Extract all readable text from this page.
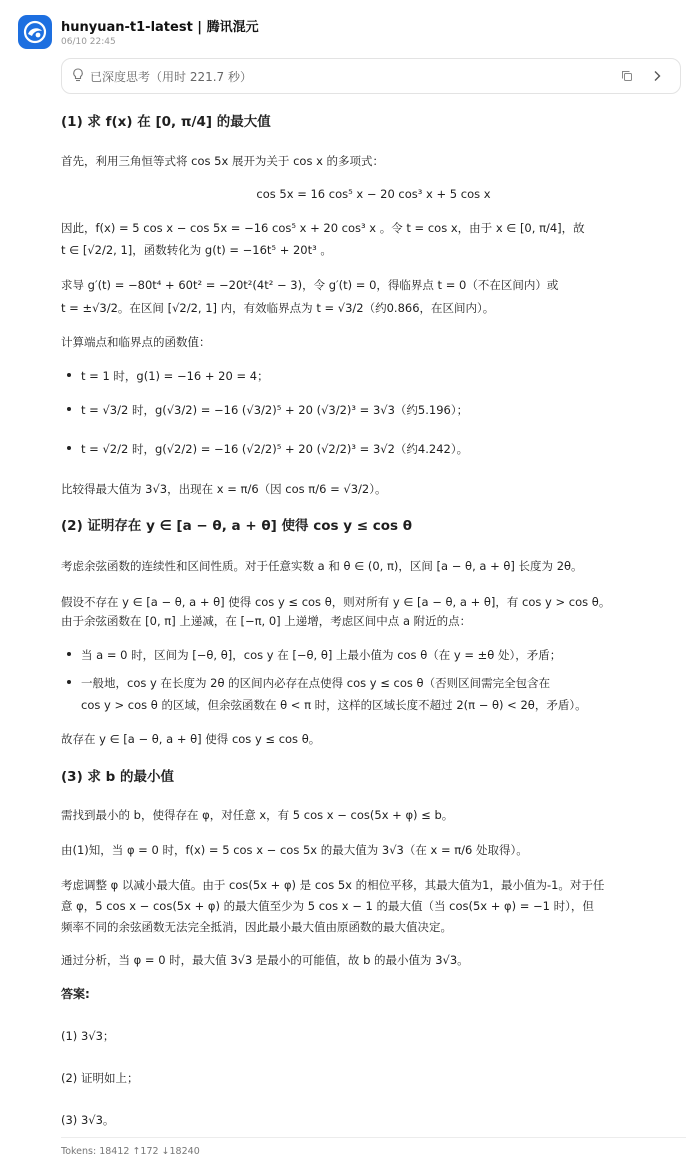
hunyuan-t1-latest | 腾讯混元
06/10 22:45
已深度思考（用时 221.7 秒）
(1) 求 f(x) 在 [0, π/4] 的最大值
首先，利用三角恒等式将 cos 5x 展开为关于 cos x 的多项式：
cos 5x = 16 cos⁵ x − 20 cos³ x + 5 cos x
因此，f(x) = 5 cos x − cos 5x = −16 cos⁵ x + 20 cos³ x 。令 t = cos x，由于 x ∈ [0, π/4]，故
t ∈ [√2/2, 1]，函数转化为 g(t) = −16t⁵ + 20t³ 。
求导 g′(t) = −80t⁴ + 60t² = −20t²(4t² − 3)，令 g′(t) = 0，得临界点 t = 0（不在区间内）或
t = ±√3/2。在区间 [√2/2, 1] 内，有效临界点为 t = √3/2（约0.866，在区间内）。
计算端点和临界点的函数值：
t = 1 时，g(1) = −16 + 20 = 4；
t = √3/2 时，g(√3/2) = −16 (√3/2)⁵ + 20 (√3/2)³ = 3√3（约5.196）；
t = √2/2 时，g(√2/2) = −16 (√2/2)⁵ + 20 (√2/2)³ = 3√2（约4.242）。
比较得最大值为 3√3，出现在 x = π/6（因 cos π/6 = √3/2）。
(2) 证明存在 y ∈ [a − θ, a + θ] 使得 cos y ≤ cos θ
考虑余弦函数的连续性和区间性质。对于任意实数 a 和 θ ∈ (0, π)，区间 [a − θ, a + θ] 长度为 2θ。
假设不存在 y ∈ [a − θ, a + θ] 使得 cos y ≤ cos θ，则对所有 y ∈ [a − θ, a + θ]，有 cos y > cos θ。
由于余弦函数在 [0, π] 上递减，在 [−π, 0] 上递增，考虑区间中点 a 附近的点：
当 a = 0 时，区间为 [−θ, θ]，cos y 在 [−θ, θ] 上最小值为 cos θ（在 y = ±θ 处），矛盾；
一般地，cos y 在长度为 2θ 的区间内必存在点使得 cos y ≤ cos θ（否则区间需完全包含在
cos y > cos θ 的区域，但余弦函数在 θ < π 时，这样的区域长度不超过 2(π − θ) < 2θ，矛盾）。
故存在 y ∈ [a − θ, a + θ] 使得 cos y ≤ cos θ。
(3) 求 b 的最小值
需找到最小的 b，使得存在 φ，对任意 x，有 5 cos x − cos(5x + φ) ≤ b。
由(1)知，当 φ = 0 时，f(x) = 5 cos x − cos 5x 的最大值为 3√3（在 x = π/6 处取得）。
考虑调整 φ 以减小最大值。由于 cos(5x + φ) 是 cos 5x 的相位平移，其最大值为1，最小值为-1。对于任
意 φ，5 cos x − cos(5x + φ) 的最大值至少为 5 cos x − 1 的最大值（当 cos(5x + φ) = −1 时），但
频率不同的余弦函数无法完全抵消，因此最小最大值由原函数的最大值决定。
通过分析，当 φ = 0 时，最大值 3√3 是最小的可能值，故 b 的最小值为 3√3。
答案:
(1) 3√3；
(2) 证明如上；
(3) 3√3。
Tokens: 18412 ↑172 ↓18240
